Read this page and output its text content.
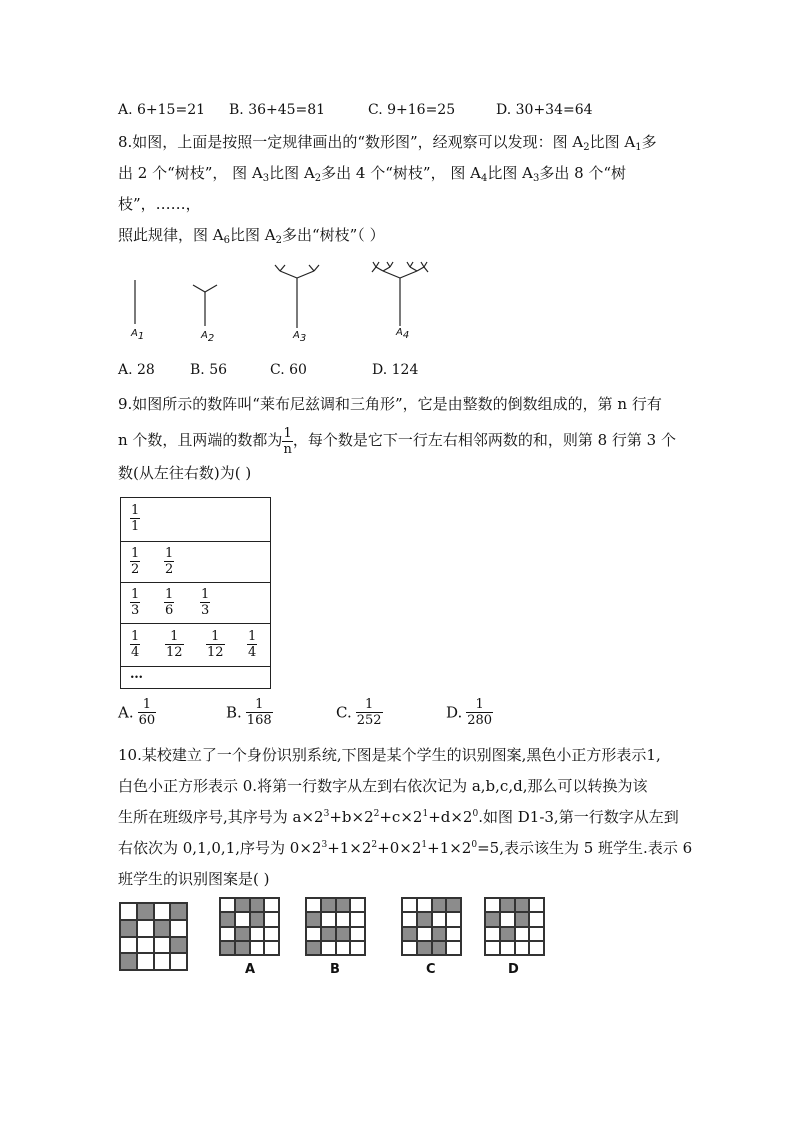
A. 6+15=21 B. 36+45=81	C. 9+16=25	D. 30+34=64
8.如图，上面是按照一定规律画出的“数形图”，经观察可以发现：图 $A_2$比图 $A_1$多
出 2 个“树枝”， 图 $A_3$比图 $A_2$多出 4 个“树枝”， 图 $A_4$比图 $A_3$多出 8 个“树
枝”，……，
照此规律，图 $A_6$比图 $A_2$多出“树枝”（ ）
$A_1$	$A_2$	$A_3$
$A_4$
A. 28	B. 56	C. 60	D. 124
9.如图所示的数阵叫“莱布尼兹调和三角形”，它是由整数的倒数组成的，第 n 行有
n 个数，且两端的数都为 $\frac{1}{n}$ ，每个数是它下一行左右相邻两数的和，则第 8 行第 3 个
数(从左往右数)为( )
$\frac{1}{1}$
$\frac{1}{2} \frac{1}{2}$
$\frac{1}{3} \frac{1}{6} \frac{1}{3}$
$\frac{1}{4} \frac{1}{12} \frac{1}{12} \frac{1}{4}$
…
A. $\frac{1}{60}$	B. $\frac{1}{168}$	C. $\frac{1}{252}$	D. $\frac{1}{280}$
10.某校建立了一个身份识别系统,下图是某个学生的识别图案,黑色小正方形表示1,
白色小正方形表示 0.将第一行数字从左到右依次记为 a,b,c,d,那么可以转换为该
生所在班级序号,其序号为 $a\times 2^3+b\times 2^2+c\times 2^1+d\times 2^0$.如图 D1-3,第一行数字从左到
右依次为 0,1,0,1,序号为 $0\times 2^3+1\times 2^2+0\times 2^1+1\times 2^0=5$,表示该生为 5 班学生.表示 6
班学生的识别图案是( )
A	B	C	D
